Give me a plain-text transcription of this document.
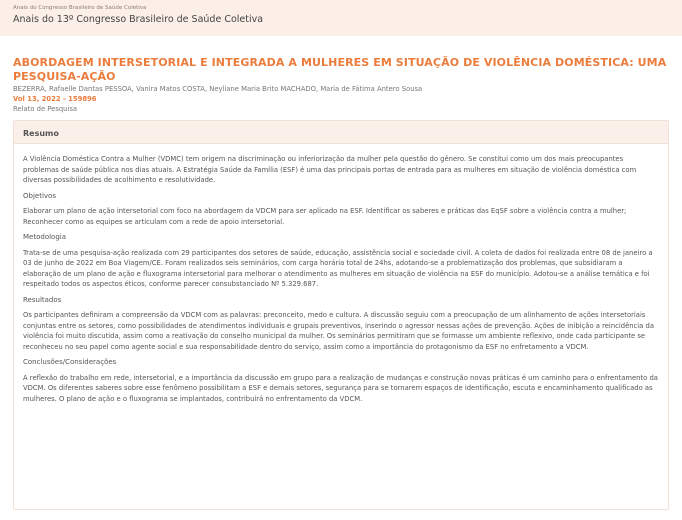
Anais do Congresso Brasileiro de Saúde Coletiva
Anais do 13º Congresso Brasileiro de Saúde Coletiva
ABORDAGEM INTERSETORIAL E INTEGRADA A MULHERES EM SITUAÇÃO DE VIOLÊNCIA DOMÉSTICA: UMA PESQUISA-AÇÃO
BEZERRA, Rafaelle Dantas PESSOA, Vanira Matos COSTA, Neyliane Maria Brito MACHADO, Maria de Fátima Antero Sousa
Vol 13, 2022 - 159896
Relato de Pesquisa
Resumo

A Violência Doméstica Contra a Mulher (VDMC) tem origem na discriminação ou inferiorização da mulher pela questão do gênero. Se constitui como um dos mais preocupantes problemas de saúde pública nos dias atuais. A Estratégia Saúde da Família (ESF) é uma das principais portas de entrada para as mulheres em situação de violência doméstica com diversas possibilidades de acolhimento e resolutividade.

Objetivos

Elaborar um plano de ação intersetorial com foco na abordagem da VDCM para ser aplicado na ESF. Identificar os saberes e práticas das EqSF sobre a violência contra a mulher; Reconhecer como as equipes se articulam com a rede de apoio intersetorial.

Metodologia

Trata-se de uma pesquisa-ação realizada com 29 participantes dos setores de saúde, educação, assistência social e sociedade civil. A coleta de dados foi realizada entre 08 de janeiro a 03 de junho de 2022 em Boa Viagem/CE. Foram realizados seis seminários, com carga horária total de 24hs, adotando-se a problematização dos problemas, que subsidiaram a elaboração de um plano de ação e fluxograma intersetorial para melhorar o atendimento as mulheres em situação de violência na ESF do município. Adotou-se a análise temática e foi respeitado todos os aspectos éticos, conforme parecer consubstanciado Nº 5.329.687.

Resultados

Os participantes definiram a compreensão da VDCM com as palavras: preconceito, medo e cultura. A discussão seguiu com a preocupação de um alinhamento de ações intersetoriais conjuntas entre os setores, como possibilidades de atendimentos individuais e grupais preventivos, inserindo o agressor nessas ações de prevenção. Ações de inibição a reincidência da violência foi muito discutida, assim como a reativação do conselho municipal da mulher. Os seminários permitiram que se formasse um ambiente reflexivo, onde cada participante se reconheceu no seu papel como agente social e sua responsabilidade dentro do serviço, assim como a importância do protagonismo da ESF no enfretamento a VDCM.

Conclusões/Considerações

A reflexão do trabalho em rede, intersetorial, e a importância da discussão em grupo para a realização de mudanças e construção novas práticas é um caminho para o enfrentamento da VDCM. Os diferentes saberes sobre esse fenômeno possibilitam a ESF e demais setores, segurança para se tornarem espaços de identificação, escuta e encaminhamento qualificado as mulheres. O plano de ação e o fluxograma se implantados, contribuirá no enfrentamento da VDCM.
